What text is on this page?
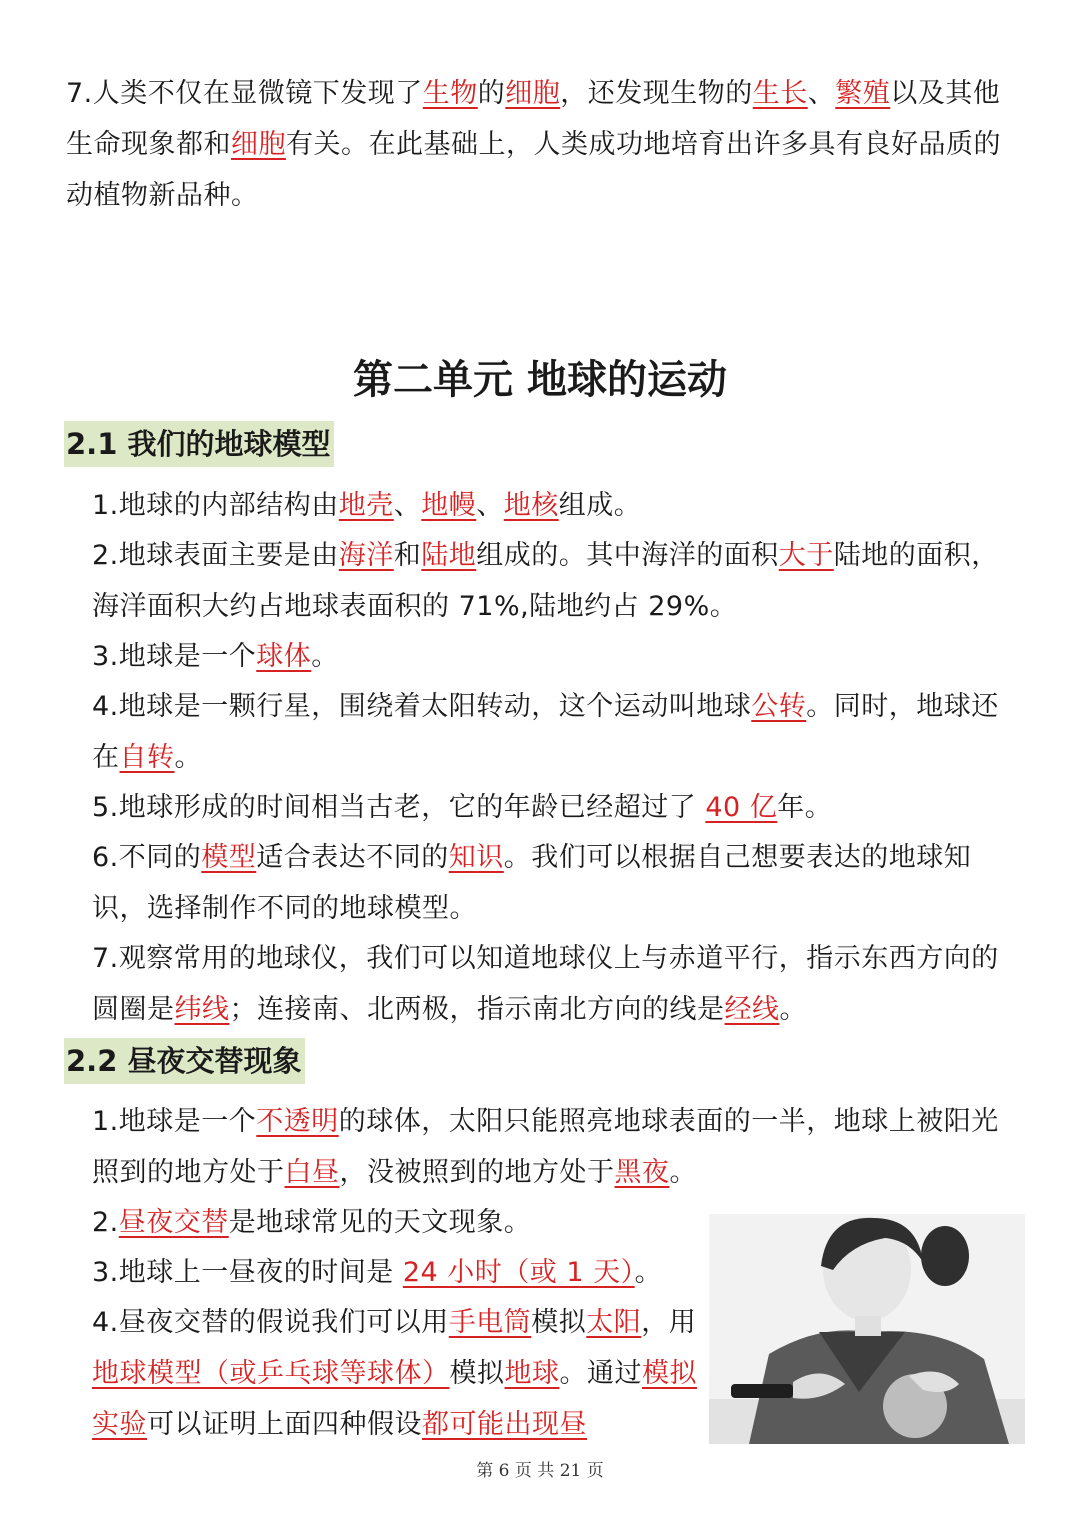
7.人类不仅在显微镜下发现了生物的细胞，还发现生物的生长、繁殖以及其他生命现象都和细胞有关。在此基础上，人类成功地培育出许多具有良好品质的动植物新品种。

第二单元 地球的运动
2.1 我们的地球模型

1.地球的内部结构由地壳、地幔、地核组成。

2.地球表面主要是由海洋和陆地组成的。其中海洋的面积大于陆地的面积，海洋面积大约占地球表面积的 71%,陆地约占 29%。

3.地球是一个球体。

4.地球是一颗行星，围绕着太阳转动，这个运动叫地球公转。同时，地球还在自转。

5.地球形成的时间相当古老，它的年龄已经超过了 40 亿年。

6.不同的模型适合表达不同的知识。我们可以根据自己想要表达的地球知识，选择制作不同的地球模型。

7.观察常用的地球仪，我们可以知道地球仪上与赤道平行，指示东西方向的圆圈是纬线；连接南、北两极，指示南北方向的线是经线。

2.2 昼夜交替现象

1.地球是一个不透明的球体，太阳只能照亮地球表面的一半，地球上被阳光照到的地方处于白昼，没被照到的地方处于黑夜。

2.昼夜交替是地球常见的天文现象。

3.地球上一昼夜的时间是 24 小时（或 1 天）。

4.昼夜交替的假说我们可以用手电筒模拟太阳，用地球模型（或乒乓球等球体）模拟地球。通过模拟实验可以证明上面四种假设都可能出现昼

第 6 页 共 21 页
